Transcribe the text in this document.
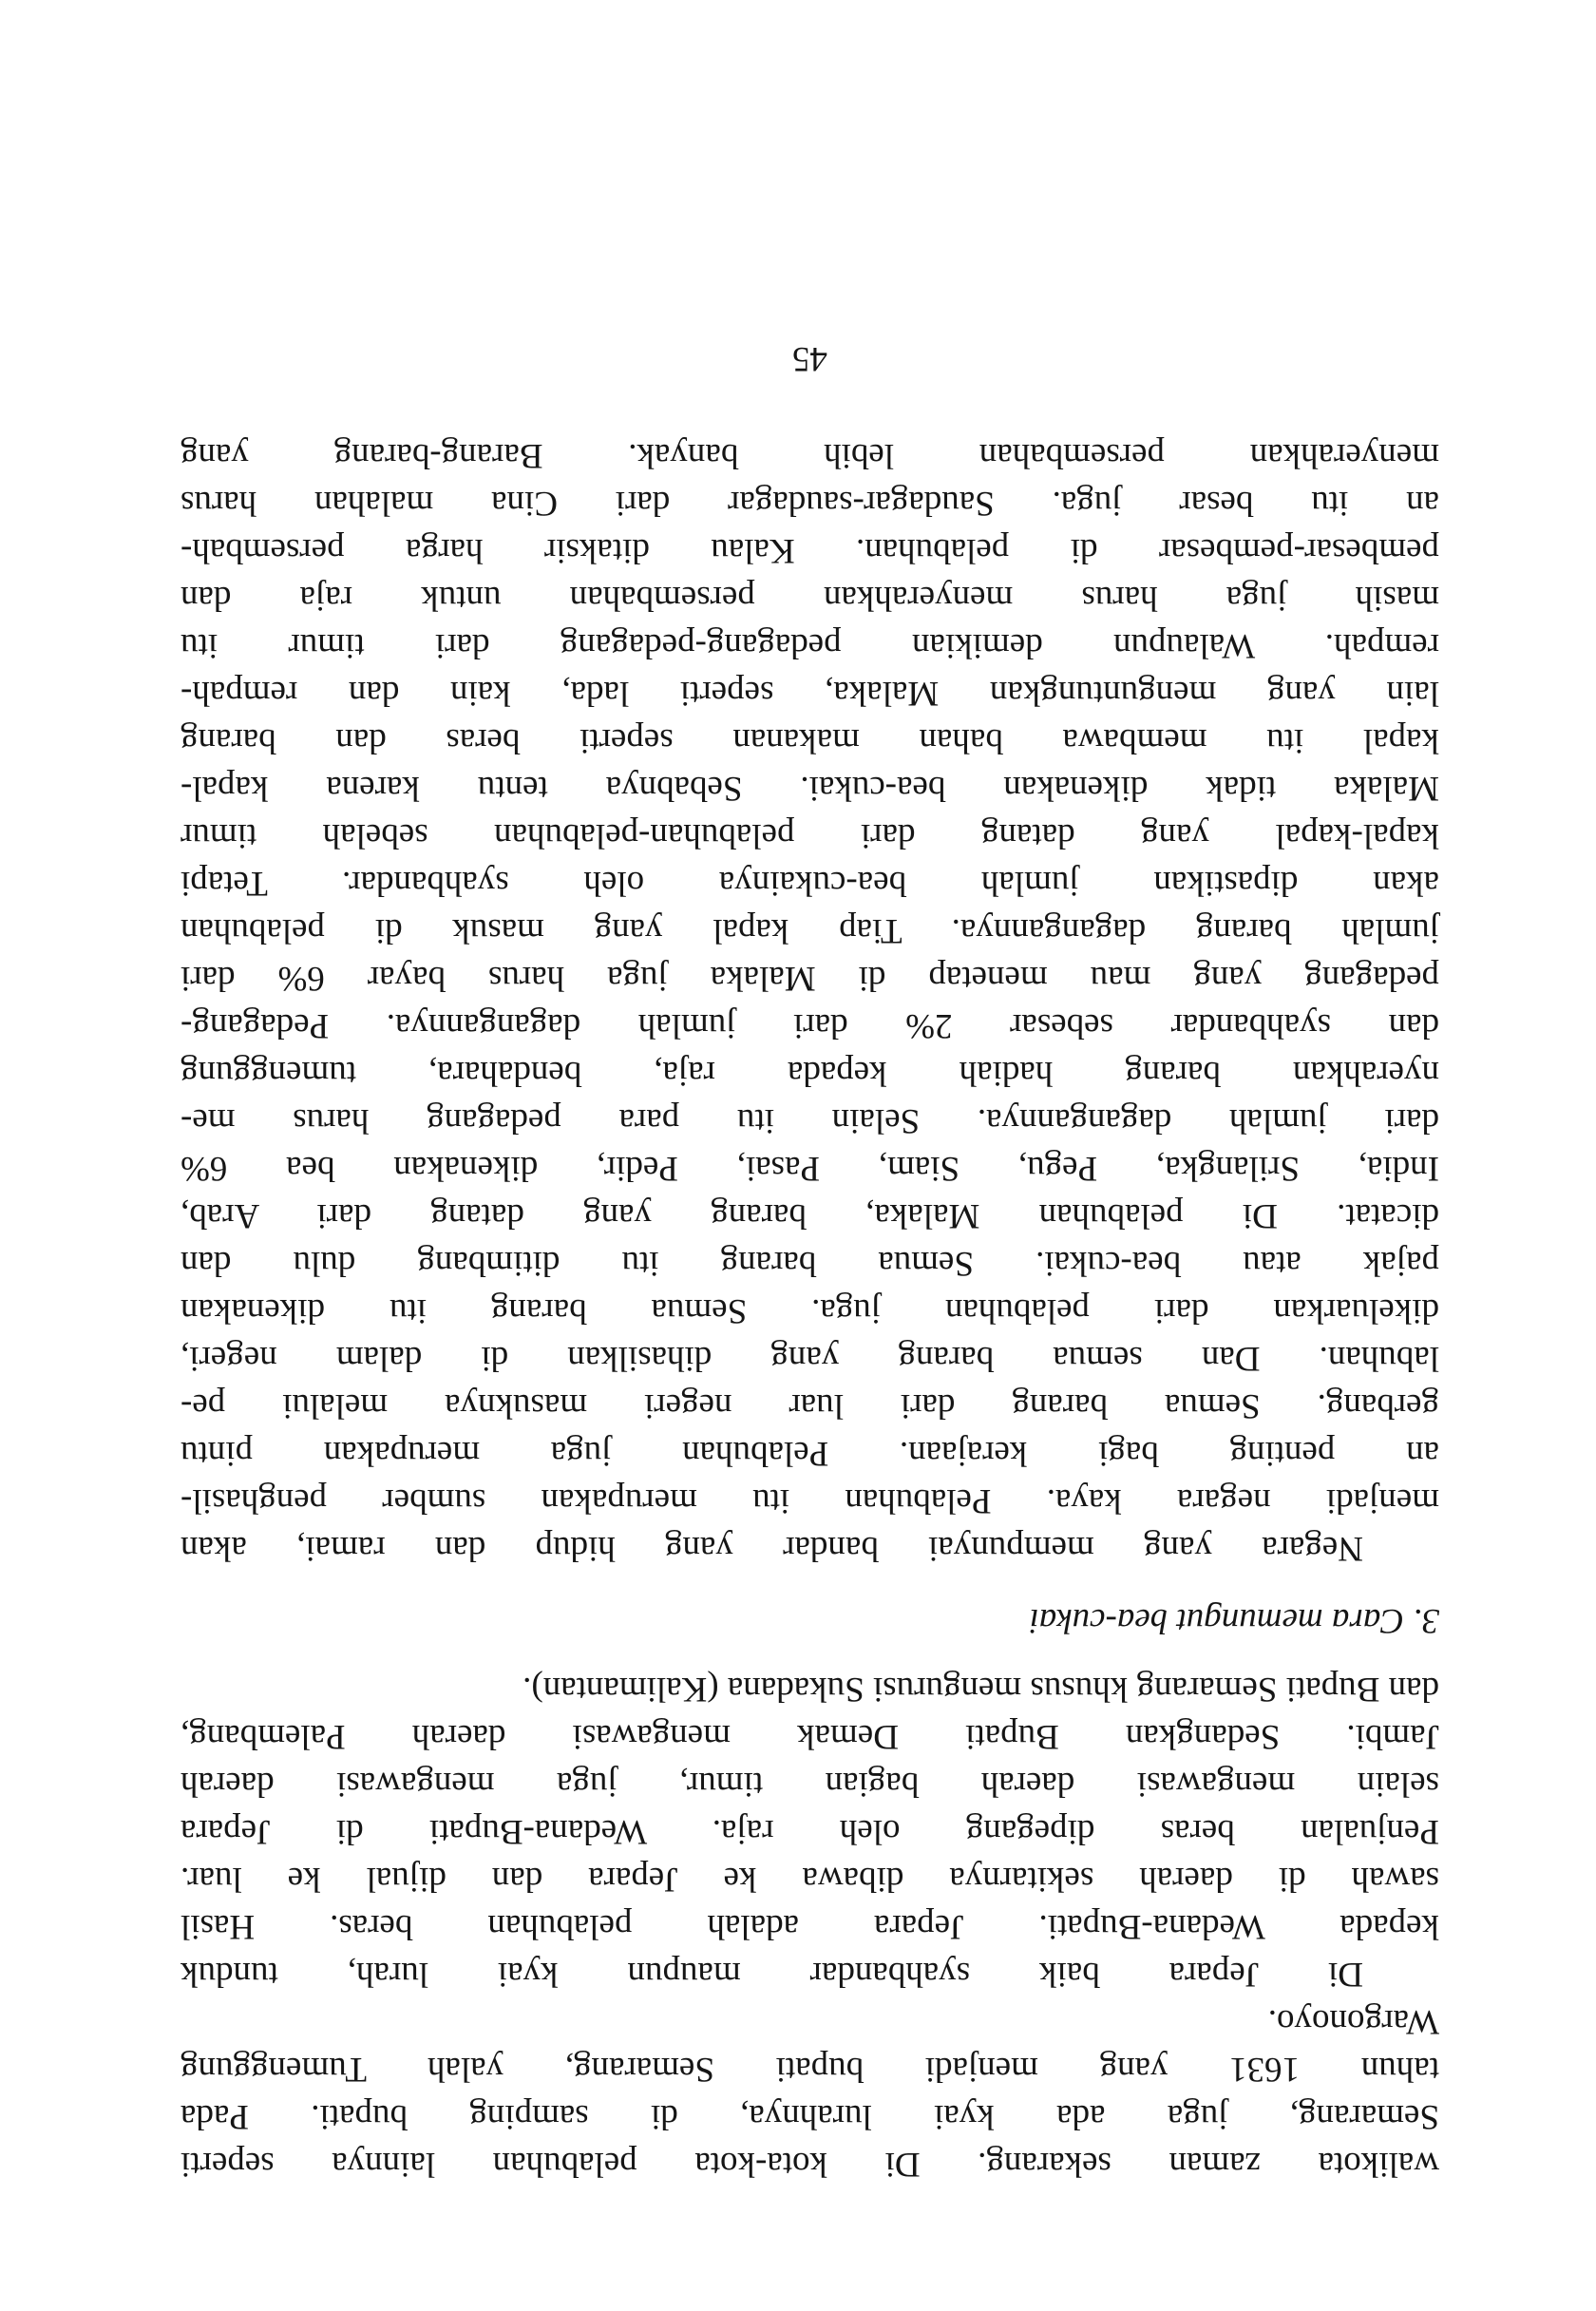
walikota zaman sekarang. Di kota-kota pelabuhan lainnya seperti
Semarang, juga ada kyai lurahnya, di samping bupati. Pada
tahun 1631 yang menjadi bupati Semarang, yalah Tumenggung
Wargonoyo.
Di Jepara baik syahbandar maupun kyai lurah, tunduk
kepada Wedana-Bupati. Jepara adalah pelabuhan beras. Hasil
sawah di daerah sekitarnya dibawa ke Jepara dan dijual ke luar.
Penjualan beras dipegang oleh raja. Wedana-Bupati di Jepara
selain mengawasi daerah bagian timur, juga mengawasi daerah
Jambi. Sedangkan Bupati Demak mengawasi daerah Palembang,
dan Bupati Semarang khusus mengurusi Sukadana (Kalimantan).
3. Cara memungut bea-cukai
Negara yang mempunyai bandar yang hidup dan ramai, akan
menjadi negara kaya. Pelabuhan itu merupakan sumber penghasil-
an penting bagi kerajaan. Pelabuhan juga merupakan pintu
gerbang. Semua barang dari luar negeri masuknya melalui pe-
labuhan. Dan semua barang yang dihasilkan di dalam negeri,
dikeluarkan dari pelabuhan juga. Semua barang itu dikenakan
pajak atau bea-cukai. Semua barang itu ditimbang dulu dan
dicatat. Di pelabuhan Malaka, barang yang datang dari Arab,
India, Srilangka, Pegu, Siam, Pasai, Pedir, dikenakan bea 6%
dari jumlah dagangannya. Selain itu para pedagang harus me-
nyerahkan barang hadiah kepada raja, bendahara, tumenggung
dan syahbandar sebesar 2% dari jumlah dagangannya. Pedagang-
pedagang yang mau menetap di Malaka juga harus bayar 6% dari
jumlah barang dagangannya. Tiap kapal yang masuk di pelabuhan
akan dipastikan jumlah bea-cukainya oleh syahbandar. Tetapi
kapal-kapal yang datang dari pelabuhan-pelabuhan sebelah timur
Malaka tidak dikenakan bea-cukai. Sebabnya tentu karena kapal-
kapal itu membawa bahan makanan seperti beras dan barang
lain yang menguntungkan Malaka, seperti lada, kain dan rempah-
rempah. Walaupun demikian pedagang-pedagang dari timur itu
masih juga harus menyerahkan persembahan untuk raja dan
pembesar-pembesar di pelabuhan. Kalau ditaksir harga persembah-
an itu besar juga. Saudagar-saudagar dari Cina malahan harus
menyerahkan persembahan lebih banyak. Barang-barang yang
45
